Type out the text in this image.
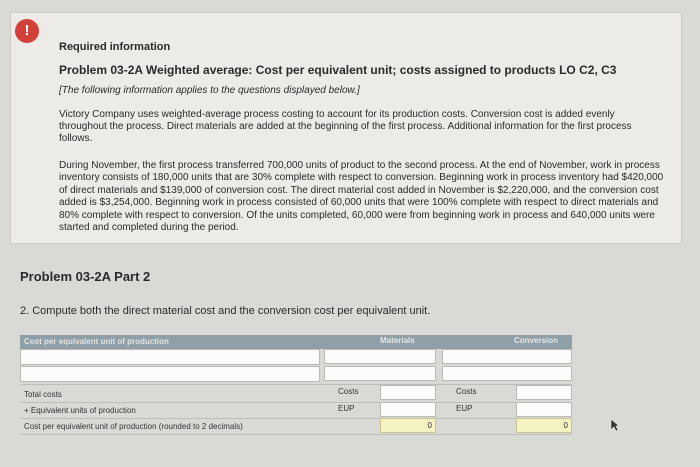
!
Required information
Problem 03-2A Weighted average: Cost per equivalent unit; costs assigned to products LO C2, C3
[The following information applies to the questions displayed below.]
Victory Company uses weighted-average process costing to account for its production costs. Conversion cost is added evenly throughout the process. Direct materials are added at the beginning of the first process. Additional information for the first process follows.
During November, the first process transferred 700,000 units of product to the second process. At the end of November, work in process inventory consists of 180,000 units that are 30% complete with respect to conversion. Beginning work in process inventory had $420,000 of direct materials and $139,000 of conversion cost. The direct material cost added in November is $2,220,000, and the conversion cost added is $3,254,000. Beginning work in process consisted of 60,000 units that were 100% complete with respect to direct materials and 80% complete with respect to conversion. Of the units completed, 60,000 were from beginning work in process and 640,000 units were started and completed during the period.
Problem 03-2A Part 2
2. Compute both the direct material cost and the conversion cost per equivalent unit.
Cost per equivalent unit of production	Materials	Conversion
Total costs	Costs	Costs
+ Equivalent units of production	EUP	EUP
Cost per equivalent unit of production (rounded to 2 decimals)	0	0
